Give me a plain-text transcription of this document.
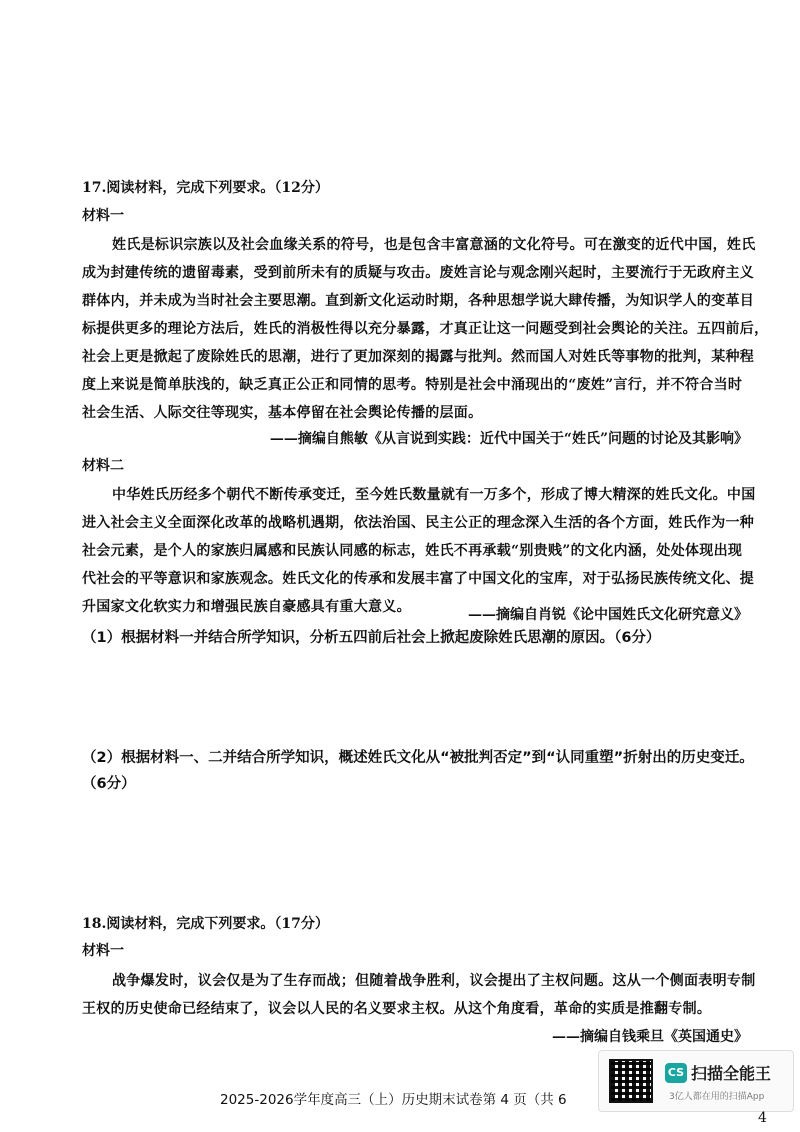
17.阅读材料，完成下列要求。（12分）
材料一
姓氏是标识宗族以及社会血缘关系的符号，也是包含丰富意涵的文化符号。可在激变的近代中国，姓氏
成为封建传统的遗留毒素，受到前所未有的质疑与攻击。废姓言论与观念刚兴起时，主要流行于无政府主义
群体内，并未成为当时社会主要思潮。直到新文化运动时期，各种思想学说大肆传播，为知识学人的变革目
标提供更多的理论方法后，姓氏的消极性得以充分暴露，才真正让这一问题受到社会舆论的关注。五四前后，
社会上更是掀起了废除姓氏的思潮，进行了更加深刻的揭露与批判。然而国人对姓氏等事物的批判，某种程
度上来说是简单肤浅的，缺乏真正公正和同情的思考。特别是社会中涌现出的“废姓”言行，并不符合当时
社会生活、人际交往等现实，基本停留在社会舆论传播的层面。
——摘编自熊敏《从言说到实践：近代中国关于“姓氏”问题的讨论及其影响》
材料二
中华姓氏历经多个朝代不断传承变迁，至今姓氏数量就有一万多个，形成了博大精深的姓氏文化。中国
进入社会主义全面深化改革的战略机遇期，依法治国、民主公正的理念深入生活的各个方面，姓氏作为一种
社会元素，是个人的家族归属感和民族认同感的标志，姓氏不再承载“别贵贱”的文化内涵，处处体现出现
代社会的平等意识和家族观念。姓氏文化的传承和发展丰富了中国文化的宝库，对于弘扬民族传统文化、提
升国家文化软实力和增强民族自豪感具有重大意义。	——摘编自肖锐《论中国姓氏文化研究意义》
（1）根据材料一并结合所学知识，分析五四前后社会上掀起废除姓氏思潮的原因。（6分）
（2）根据材料一、二并结合所学知识，概述姓氏文化从“被批判否定”到“认同重塑”折射出的历史变迁。
（6分）
18.阅读材料，完成下列要求。（17分）
材料一
战争爆发时，议会仅是为了生存而战；但随着战争胜利，议会提出了主权问题。这从一个侧面表明专制
王权的历史使命已经结束了，议会以人民的名义要求主权。从这个角度看，革命的实质是推翻专制。
——摘编自钱乘旦《英国通史》
2025-2026学年度高三（上）历史期末试卷第 4 页（共 6
CS 扫描全能王
3亿人都在用的扫描App
4
